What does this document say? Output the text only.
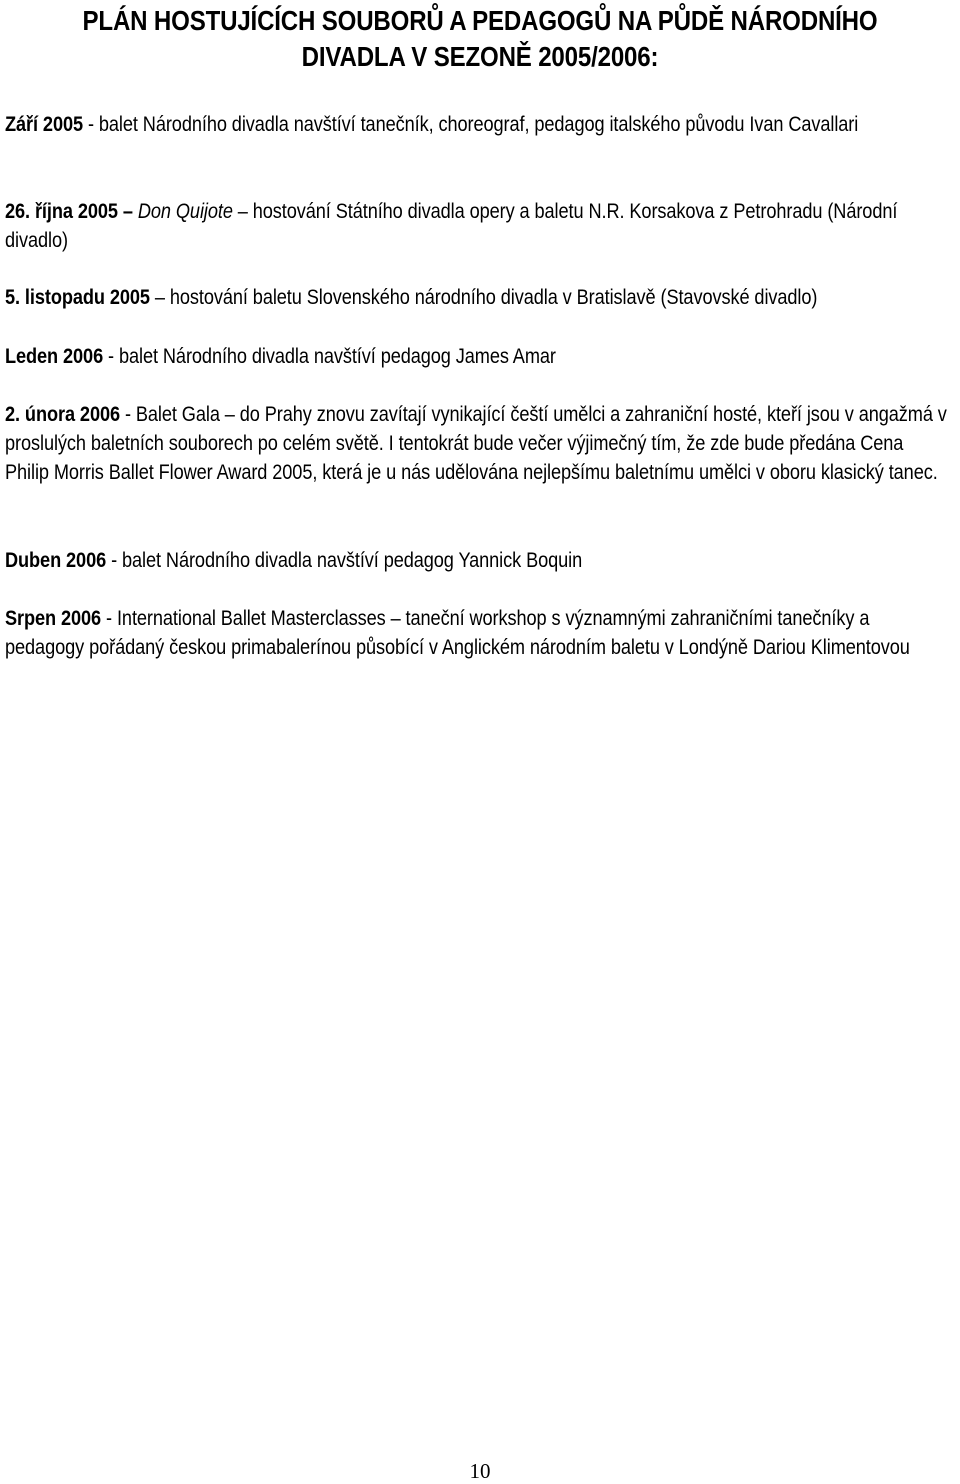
PLÁN HOSTUJÍCÍCH SOUBORŮ A PEDAGOGŮ NA PŮDĚ NÁRODNÍHO
DIVADLA V SEZONĚ 2005/2006:
Září 2005 - balet Národního divadla navštíví tanečník, choreograf, pedagog italského původu Ivan Cavallari
26. října 2005 – Don Quijote – hostování Státního divadla opery a baletu N.R. Korsakova z Petrohradu (Národní divadlo)
5. listopadu 2005 – hostování baletu Slovenského národního divadla v Bratislavě (Stavovské divadlo)
Leden 2006 - balet Národního divadla navštíví pedagog James Amar
2. února 2006 - Balet Gala – do Prahy znovu zavítají vynikající čeští umělci a zahraniční hosté, kteří jsou v angažmá v proslulých baletních souborech po celém světě. I tentokrát bude večer výjimečný tím, že zde bude předána Cena Philip Morris Ballet Flower Award 2005, která je u nás udělována nejlepšímu baletnímu umělci v oboru klasický tanec.
Duben 2006 - balet Národního divadla navštíví pedagog Yannick Boquin
Srpen 2006 - International Ballet Masterclasses – taneční workshop s významnými zahraničními tanečníky a pedagogy pořádaný českou primabalerínou působící v Anglickém národním baletu v Londýně Dariou Klimentovou
10
